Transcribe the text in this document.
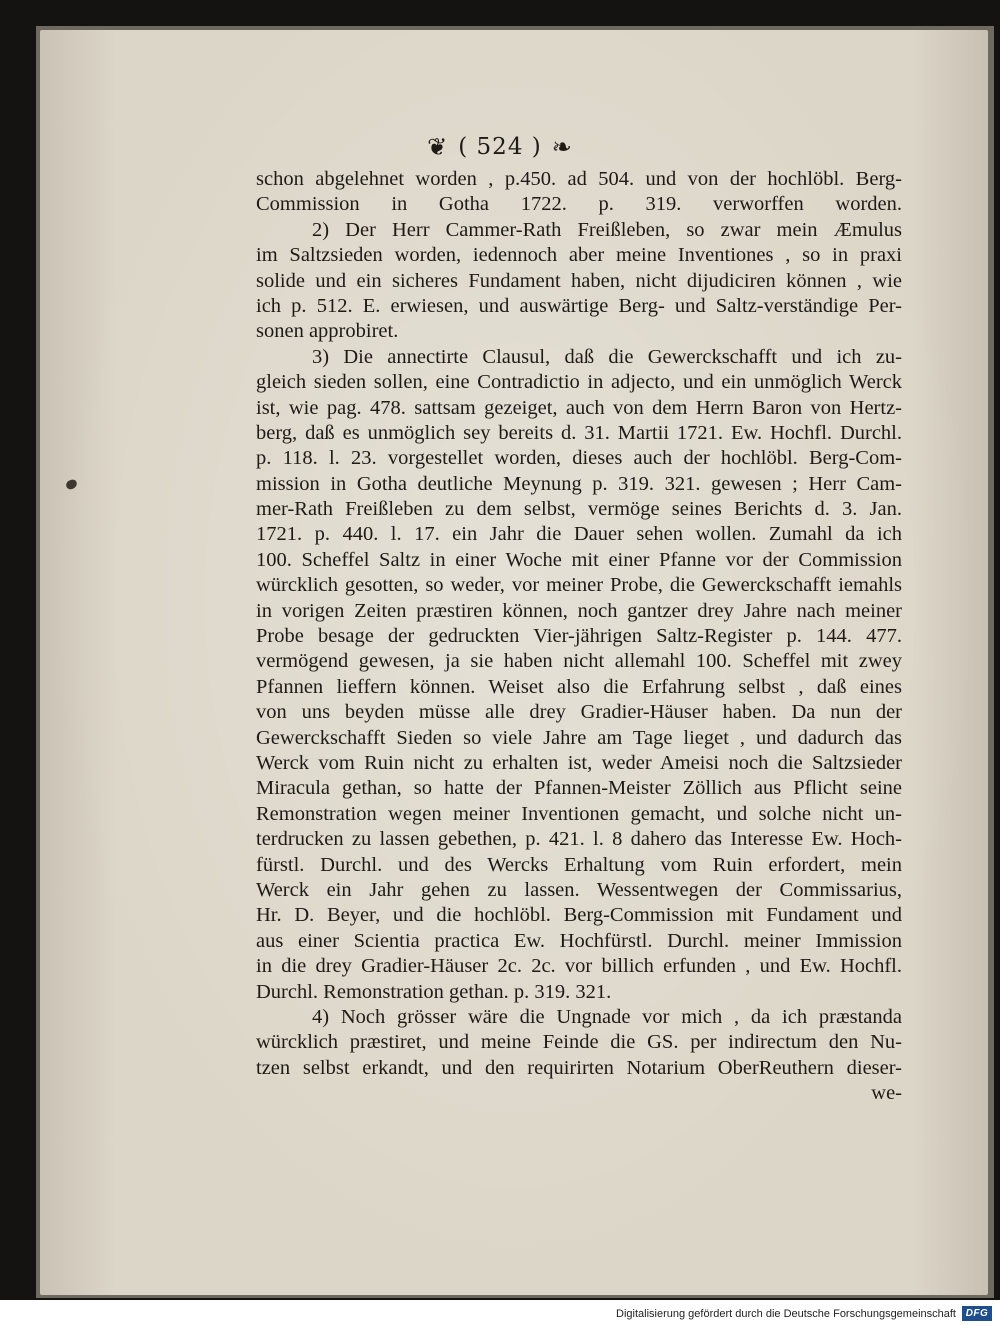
❦ ( 524 ) ❧
schon abgelehnet worden , p.450. ad 504. und von der hochlöbl. Berg-
Commission in Gotha 1722. p. 319. verworffen worden.
2) Der Herr Cammer-Rath Freißleben, so zwar mein Æmulus
im Saltzsieden worden, iedennoch aber meine Inventiones , so in praxi
solide und ein sicheres Fundament haben, nicht dijudiciren können , wie
ich p. 512. E. erwiesen, und auswärtige Berg- und Saltz-verständige Per-
sonen approbiret.
3) Die annectirte Clausul, daß die Gewerckschafft und ich zu-
gleich sieden sollen, eine Contradictio in adjecto, und ein unmöglich Werck
ist, wie pag. 478. sattsam gezeiget, auch von dem Herrn Baron von Hertz-
berg, daß es unmöglich sey bereits d. 31. Martii 1721. Ew. Hochfl. Durchl.
p. 118. l. 23. vorgestellet worden, dieses auch der hochlöbl. Berg-Com-
mission in Gotha deutliche Meynung p. 319. 321. gewesen ; Herr Cam-
mer-Rath Freißleben zu dem selbst, vermöge seines Berichts d. 3. Jan.
1721. p. 440. l. 17. ein Jahr die Dauer sehen wollen. Zumahl da ich
100. Scheffel Saltz in einer Woche mit einer Pfanne vor der Commission
würcklich gesotten, so weder, vor meiner Probe, die Gewerckschafft iemahls
in vorigen Zeiten præstiren können, noch gantzer drey Jahre nach meiner
Probe besage der gedruckten Vier-jährigen Saltz-Register p. 144. 477.
vermögend gewesen, ja sie haben nicht allemahl 100. Scheffel mit zwey
Pfannen lieffern können. Weiset also die Erfahrung selbst , daß eines
von uns beyden müsse alle drey Gradier-Häuser haben. Da nun der
Gewerckschafft Sieden so viele Jahre am Tage lieget , und dadurch das
Werck vom Ruin nicht zu erhalten ist, weder Ameisi noch die Saltzsieder
Miracula gethan, so hatte der Pfannen-Meister Zöllich aus Pflicht seine
Remonstration wegen meiner Inventionen gemacht, und solche nicht un-
terdrucken zu lassen gebethen, p. 421. l. 8 dahero das Interesse Ew. Hoch-
fürstl. Durchl. und des Wercks Erhaltung vom Ruin erfordert, mein
Werck ein Jahr gehen zu lassen. Wessentwegen der Commissarius,
Hr. D. Beyer, und die hochlöbl. Berg-Commission mit Fundament und
aus einer Scientia practica Ew. Hochfürstl. Durchl. meiner Immission
in die drey Gradier-Häuser 2c. 2c. vor billich erfunden , und Ew. Hochfl.
Durchl. Remonstration gethan. p. 319. 321.
4) Noch grösser wäre die Ungnade vor mich , da ich præstanda
würcklich præstiret, und meine Feinde die GS. per indirectum den Nu-
tzen selbst erkandt, und den requirirten Notarium OberReuthern dieser-
we-
Digitalisierung gefördert durch die Deutsche Forschungsgemeinschaft DFG
